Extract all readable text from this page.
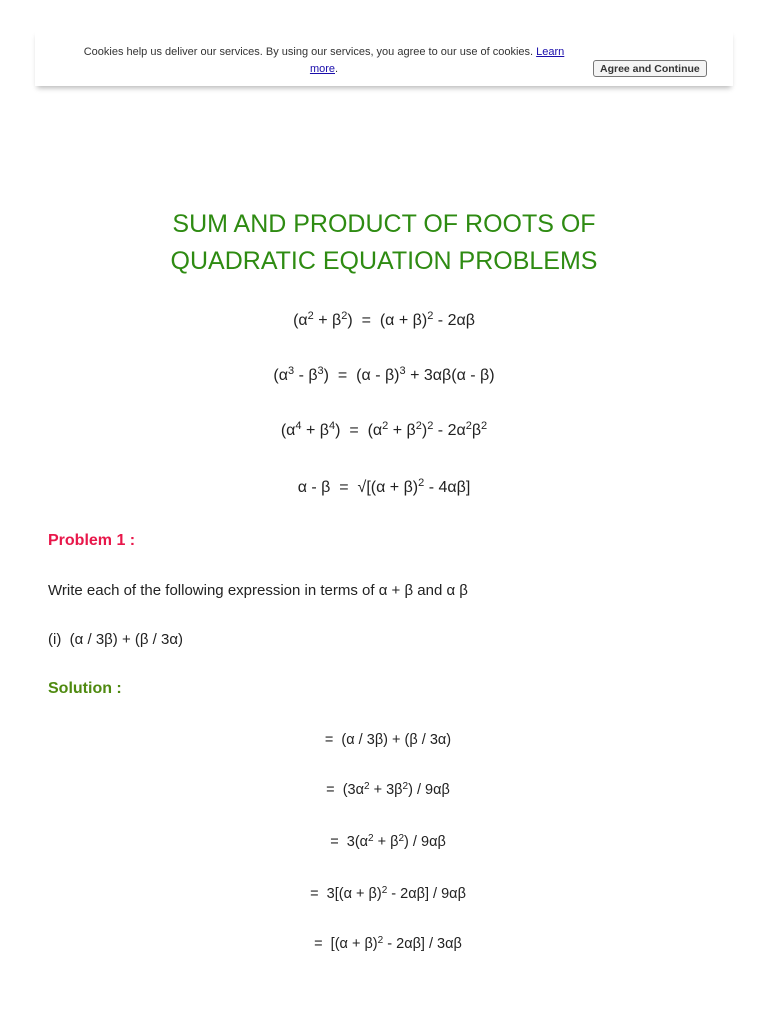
Cookies help us deliver our services. By using our services, you agree to our use of cookies. Learn more.	Agree and Continue
SUM AND PRODUCT OF ROOTS OF
QUADRATIC EQUATION PROBLEMS
$(\alpha^2 + \beta^2) = (\alpha + \beta)^2 - 2\alpha\beta$
$(\alpha^3 - \beta^3) = (\alpha - \beta)^3 + 3\alpha\beta(\alpha - \beta)$
$(\alpha^4 + \beta^4) = (\alpha^2 + \beta^2)^2 - 2\alpha^2\beta^2$
$\alpha - \beta = √[(\alpha + \beta)^2 - 4\alpha\beta]$
Problem 1 :
Write each of the following expression in terms of α + β and α β
(i)  (α / 3β) + (β / 3α)
Solution :
= (α / 3β) + (β / 3α)
= $(3\alpha^2 + 3\beta^2) / 9\alpha\beta$
= $3(\alpha^2 + \beta^2) / 9\alpha\beta$
= $3[(\alpha + \beta)^2 - 2\alpha\beta] / 9\alpha\beta$
= $[(\alpha + \beta)^2 - 2\alpha\beta] / 3\alpha\beta$
